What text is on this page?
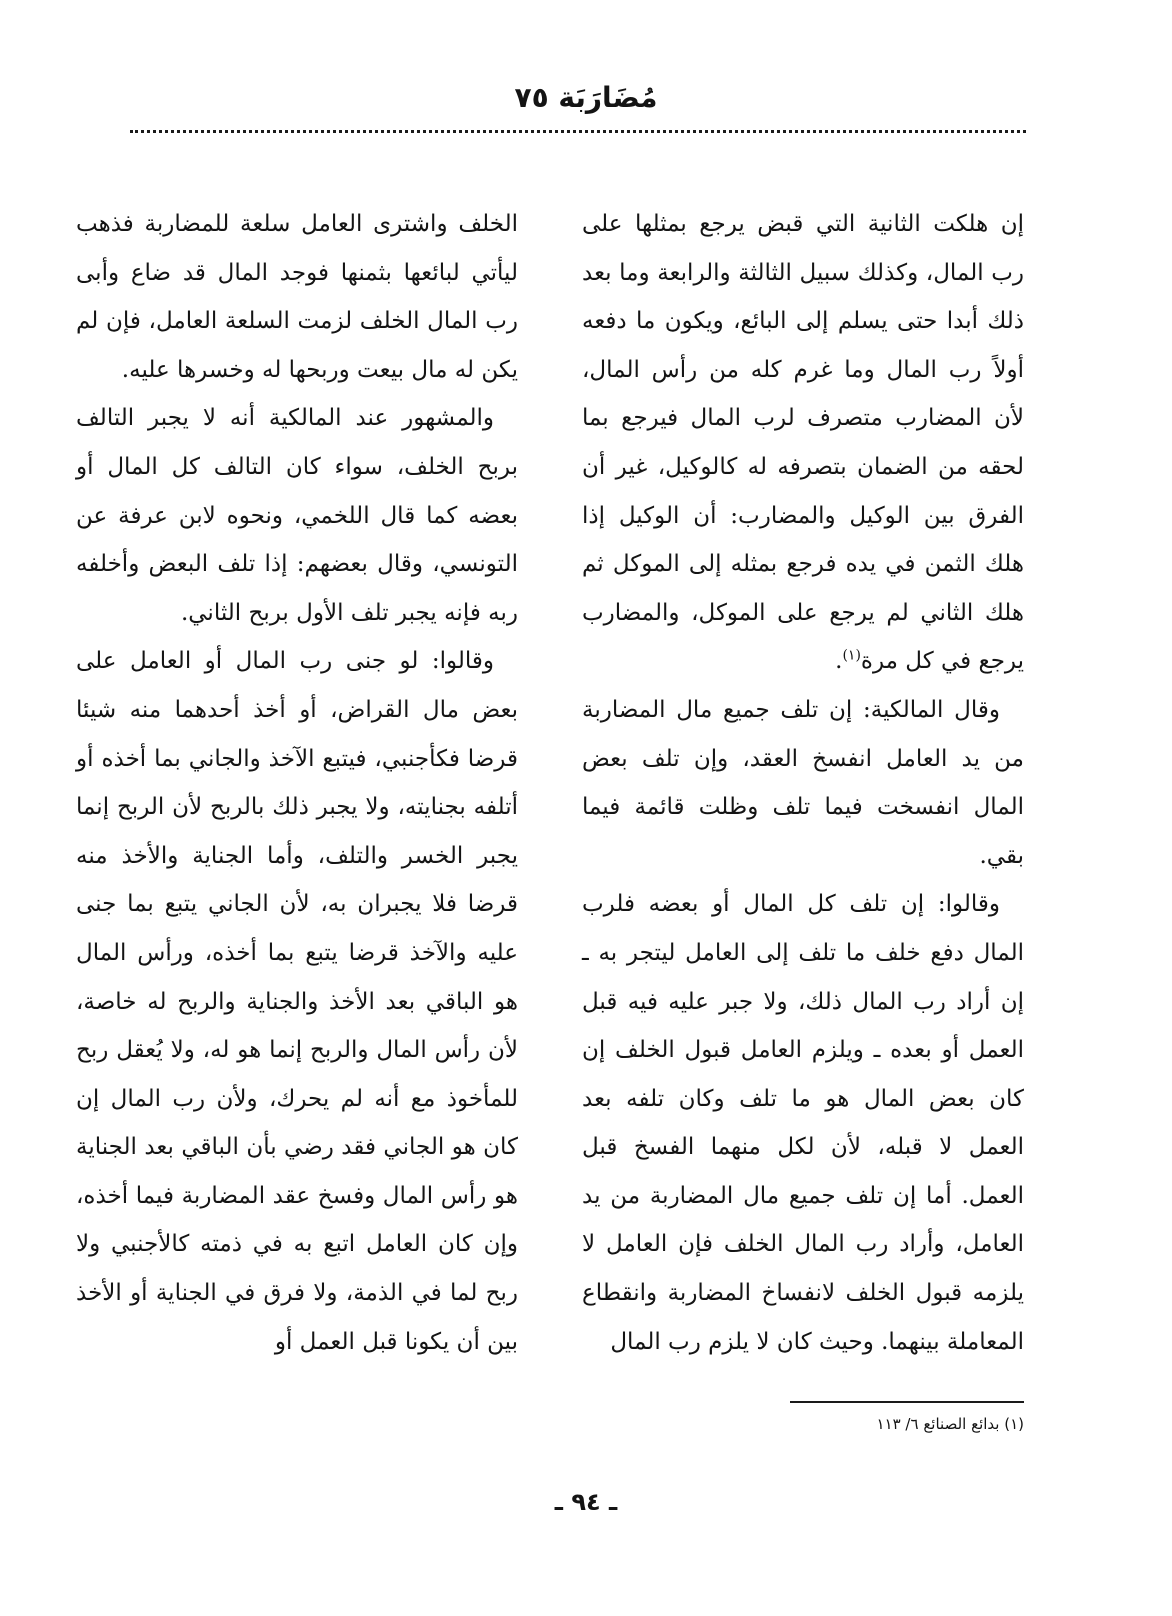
مُضَارَبَة ٧٥

إن هلكت الثانية التي قبض يرجع بمثلها على رب المال، وكذلك سبيل الثالثة والرابعة وما بعد ذلك أبدا حتى يسلم إلى البائع، ويكون ما دفعه أولاً رب المال وما غرم كله من رأس المال، لأن المضارب متصرف لرب المال فيرجع بما لحقه من الضمان بتصرفه له كالوكيل، غير أن الفرق بين الوكيل والمضارب: أن الوكيل إذا هلك الثمن في يده فرجع بمثله إلى الموكل ثم هلك الثاني لم يرجع على الموكل، والمضارب يرجع في كل مرة$^{(١)}$.

وقال المالكية: إن تلف جميع مال المضاربة من يد العامل انفسخ العقد، وإن تلف بعض المال انفسخت فيما تلف وظلت قائمة فيما بقي.

وقالوا: إن تلف كل المال أو بعضه فلرب المال دفع خلف ما تلف إلى العامل ليتجر به ـ إن أراد رب المال ذلك، ولا جبر عليه فيه قبل العمل أو بعده ـ ويلزم العامل قبول الخلف إن كان بعض المال هو ما تلف وكان تلفه بعد العمل لا قبله، لأن لكل منهما الفسخ قبل العمل. أما إن تلف جميع مال المضاربة من يد العامل، وأراد رب المال الخلف فإن العامل لا يلزمه قبول الخلف لانفساخ المضاربة وانقطاع المعاملة بينهما. وحيث كان لا يلزم رب المال

الخلف واشترى العامل سلعة للمضاربة فذهب ليأتي لبائعها بثمنها فوجد المال قد ضاع وأبى رب المال الخلف لزمت السلعة العامل، فإن لم يكن له مال بيعت وربحها له وخسرها عليه.

والمشهور عند المالكية أنه لا يجبر التالف بربح الخلف، سواء كان التالف كل المال أو بعضه كما قال اللخمي، ونحوه لابن عرفة عن التونسي، وقال بعضهم: إذا تلف البعض وأخلفه ربه فإنه يجبر تلف الأول بربح الثاني.

وقالوا: لو جنى رب المال أو العامل على بعض مال القراض، أو أخذ أحدهما منه شيئا قرضا فكأجنبي، فيتبع الآخذ والجاني بما أخذه أو أتلفه بجنايته، ولا يجبر ذلك بالربح لأن الربح إنما يجبر الخسر والتلف، وأما الجناية والأخذ منه قرضا فلا يجبران به، لأن الجاني يتبع بما جنى عليه والآخذ قرضا يتبع بما أخذه، ورأس المال هو الباقي بعد الأخذ والجناية والربح له خاصة، لأن رأس المال والربح إنما هو له، ولا يُعقل ربح للمأخوذ مع أنه لم يحرك، ولأن رب المال إن كان هو الجاني فقد رضي بأن الباقي بعد الجناية هو رأس المال وفسخ عقد المضاربة فيما أخذه، وإن كان العامل اتبع به في ذمته كالأجنبي ولا ربح لما في الذمة، ولا فرق في الجناية أو الأخذ بين أن يكونا قبل العمل أو

(١) بدائع الصنائع ٦/ ١١٣
ـ ٩٤ ـ
